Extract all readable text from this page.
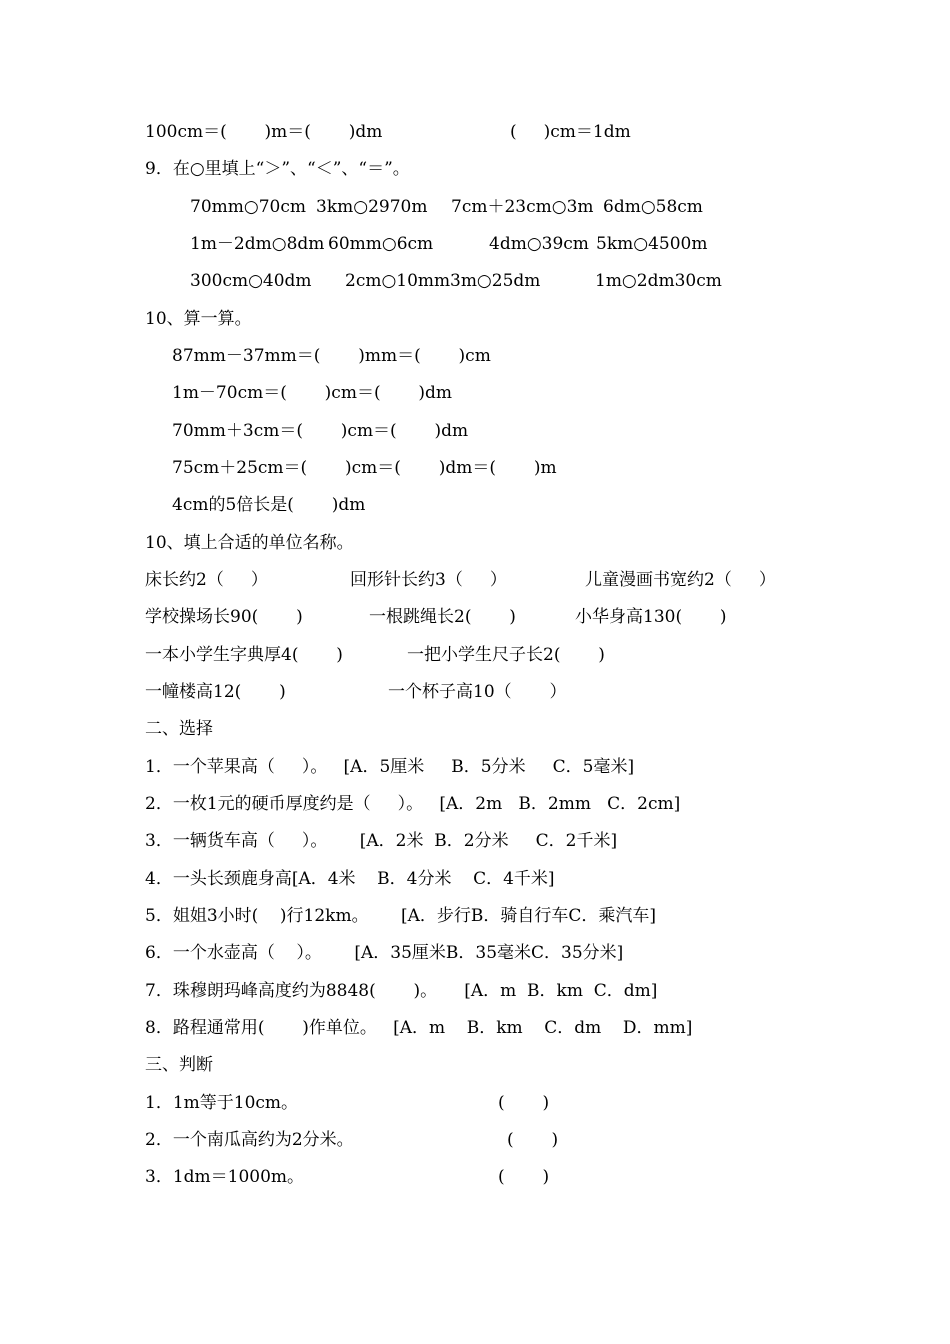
100cm＝(       )m＝(       )dm	(     )cm＝1dm
9．在○里填上“＞”、“＜”、“＝”。
70mm○70cm 3km○2970m 7cm＋23cm○3m 6dm○58cm
1m－2dm○8dm 60mm○6cm	4dm○39cm 5km○4500m
300cm○40dm 2cm○10mm 3m○25dm	1m○2dm30cm
10、算一算。
87mm－37mm＝(       )mm＝(       )cm
1m－70cm＝(       )cm＝(       )dm
70mm＋3cm＝(       )cm＝(       )dm
75cm＋25cm＝(       )cm＝(       )dm＝(       )m
4cm的5倍长是(       )dm
10、填上合适的单位名称。
床长约2（     ）	回形针长约3（     ）	儿童漫画书宽约2（     ）
学校操场长90(       )	一根跳绳长2(       )	小华身高130(       )
一本小学生字典厚4(       )	一把小学生尺子长2(       )
一幢楼高12(       )	一个杯子高10（       ）
二、选择
1．一个苹果高（     ）。   [A．5厘米     B．5分米     C．5毫米]
2．一枚1元的硬币厚度约是（     ）。   [A．2m   B．2mm   C．2cm]
3．一辆货车高（     ）。      [A．2米  B．2分米     C．2千米]
4．一头长颈鹿身高[A．4米    B．4分米    C．4千米]
5．姐姐3小时(    )行12km。      [A．步行B．骑自行车C．乘汽车]
6．一个水壶高（    ）。      [A．35厘米B．35毫米C．35分米]
7．珠穆朗玛峰高度约为8848(       )。     [A．m  B．km  C．dm]
8．路程通常用(       )作单位。   [A．m    B．km    C．dm    D．mm]
三、判断
1．1m等于10cm。	(       )
2．一个南瓜高约为2分米。	(       )
3．1dm＝1000m。	(       )
